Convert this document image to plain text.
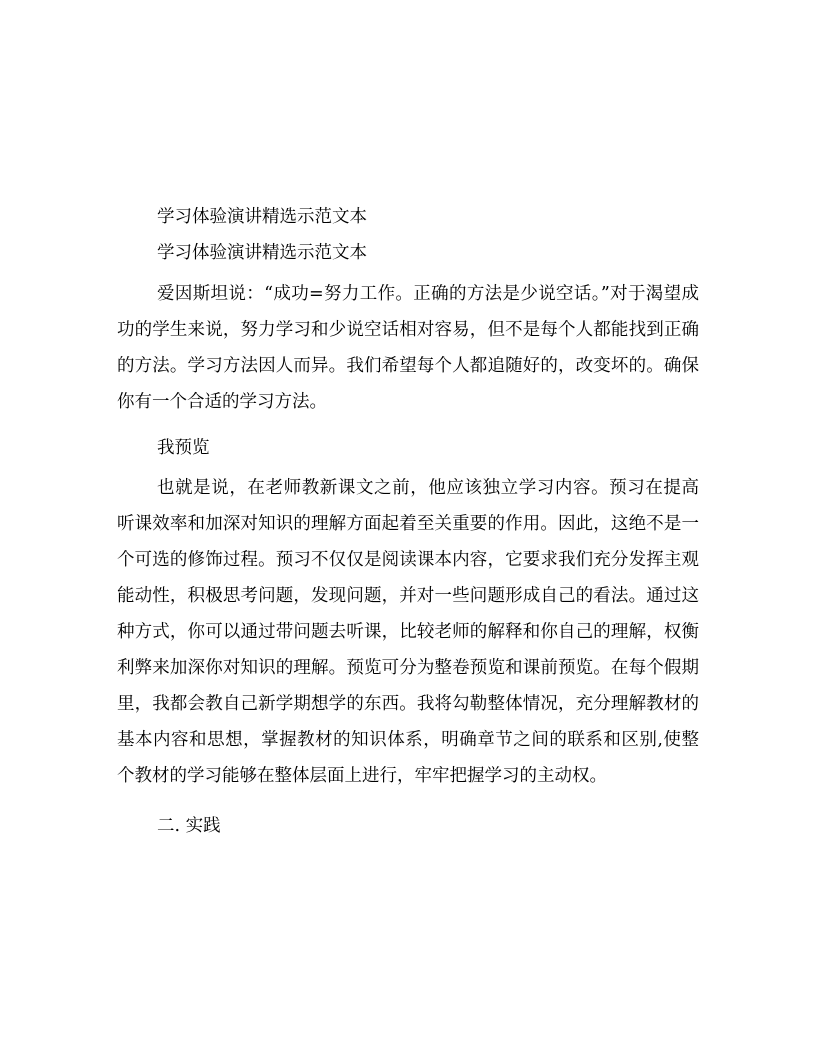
学习体验演讲精选示范文本
学习体验演讲精选示范文本

爱因斯坦说：“成功=努力工作。正确的方法是少说空话。”对于渴望成功的学生来说，努力学习和少说空话相对容易，但不是每个人都能找到正确的方法。学习方法因人而异。我们希望每个人都追随好的，改变坏的。确保你有一个合适的学习方法。

我预览

也就是说，在老师教新课文之前，他应该独立学习内容。预习在提高听课效率和加深对知识的理解方面起着至关重要的作用。因此，这绝不是一个可选的修饰过程。预习不仅仅是阅读课本内容，它要求我们充分发挥主观能动性，积极思考问题，发现问题，并对一些问题形成自己的看法。通过这种方式，你可以通过带问题去听课，比较老师的解释和你自己的理解，权衡利弊来加深你对知识的理解。预览可分为整卷预览和课前预览。在每个假期里，我都会教自己新学期想学的东西。我将勾勒整体情况，充分理解教材的基本内容和思想，掌握教材的知识体系，明确章节之间的联系和区别,使整个教材的学习能够在整体层面上进行，牢牢把握学习的主动权。

二. 实践
